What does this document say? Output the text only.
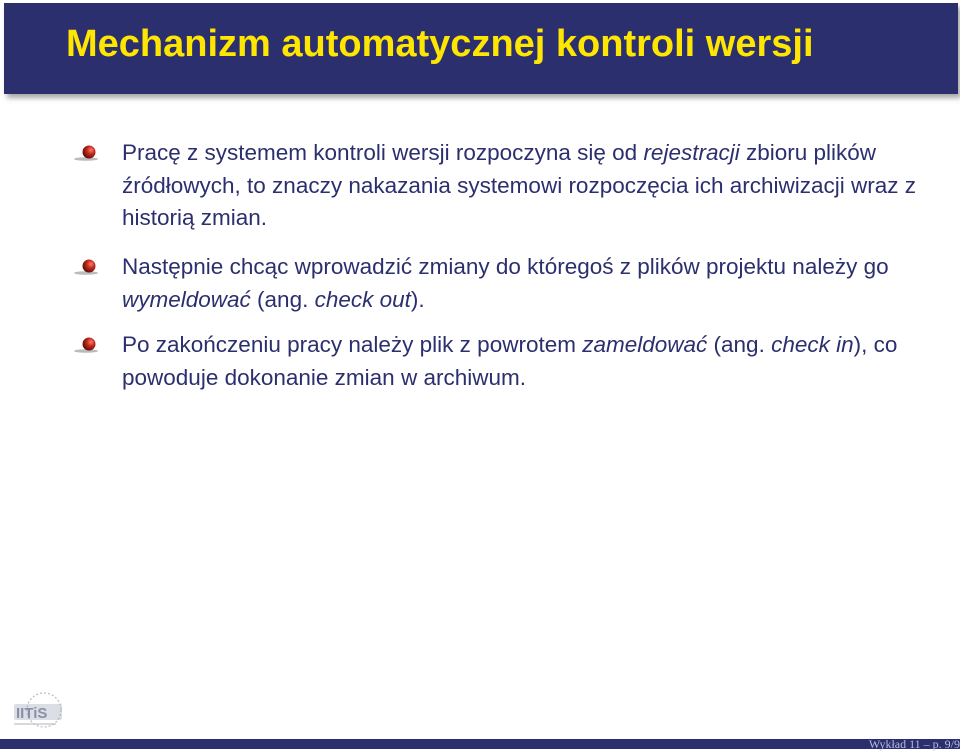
Mechanizm automatycznej kontroli wersji
Pracę z systemem kontroli wersji rozpoczyna się od rejestracji zbioru plików źródłowych, to znaczy nakazania systemowi rozpoczęcia ich archiwizacji wraz z historią zmian.
Następnie chcąc wprowadzić zmiany do któregoś z plików projektu należy go wymeldować (ang. check out).
Po zakończeniu pracy należy plik z powrotem zameldować (ang. check in), co powoduje dokonanie zmian w archiwum.
IITiS
Wykład 11 – p. 9/9
